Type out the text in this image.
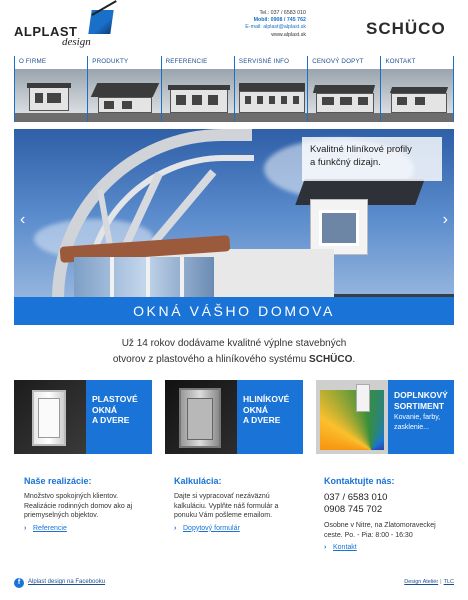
ALPLAST
design
Tel.: 037 / 6583 010
Mobil: 0908 / 745 762
E-mail: alplast@alplast.sk
www.alplast.sk	SCHÜCO
O FIRME	PRODUKTY	REFERENCIE	SERVISNÉ INFO	CENOVÝ DOPYT	KONTAKT
Kvalitné hliníkové profily
a funkčný dizajn.
‹	›
OKNÁ VÁŠHO DOMOVA
Už 14 rokov dodávame kvalitné výplne stavebných
otvorov z plastového a hliníkového systému SCHÜCO.
PLASTOVÉ
OKNÁ
A DVERE
HLINÍKOVÉ
OKNÁ
A DVERE
DOPLNKOVÝ
SORTIMENT
Kovanie, farby,
zasklenie...
Naše realizácie:
Množstvo spokojných klientov.
Realizácie rodinných domov ako aj
priemyselných objektov.
› Referencie
Kalkulácia:
Dajte si vypracovať nezáväznú
kalkuláciu. Vyplňte náš formulár a
ponuku Vám pošleme emailom.
› Dopytový formulár
Kontaktujte nás:
037 / 6583 010
0908 745 702
Osobne v Nitre, na Zlatomoraveckej
ceste. Po. - Pia: 8:00 - 16:30
› Kontakt
f	Alplast design na Facebooku	Design Ateliér | TLC
